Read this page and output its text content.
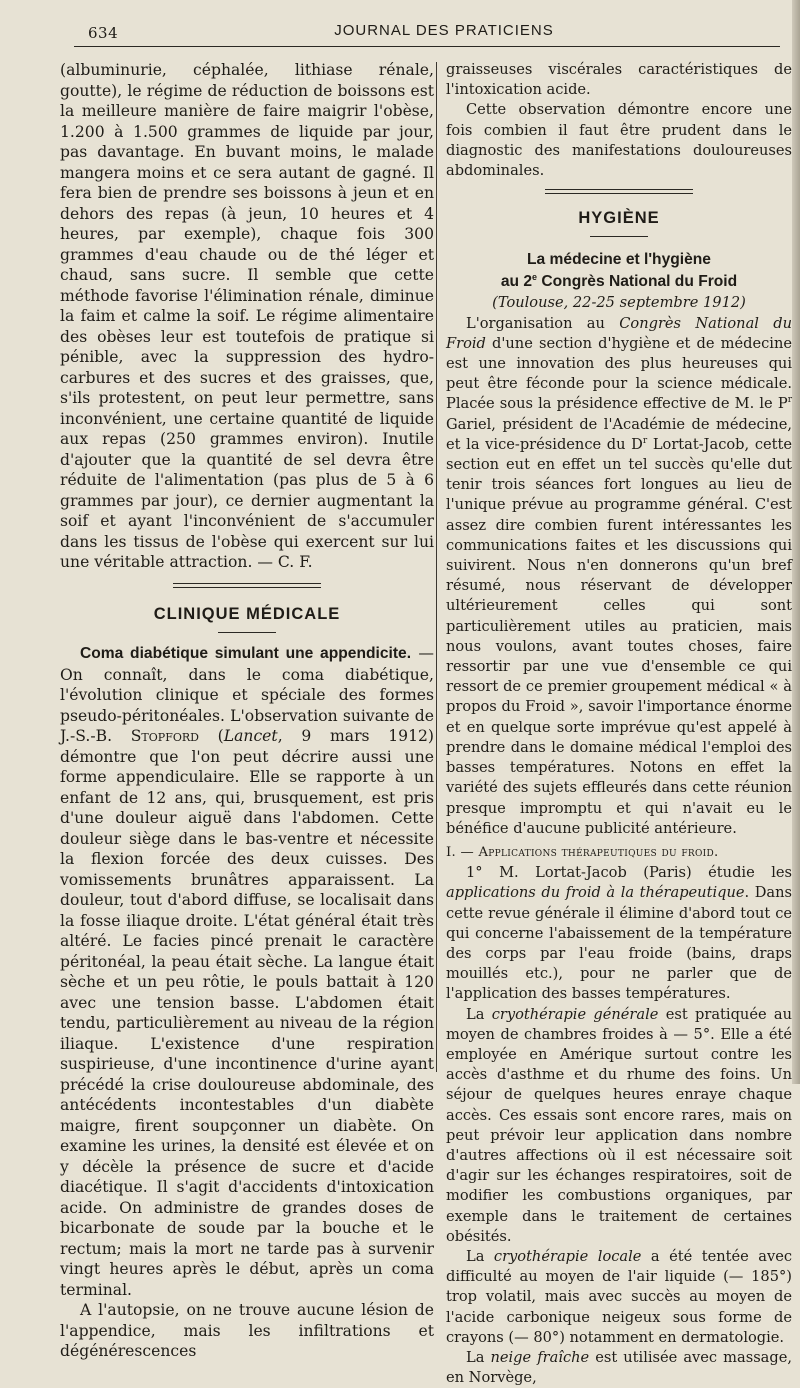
634	JOURNAL DES PRATICIENS

(albuminurie, céphalée, lithiase rénale, goutte), le régime de réduction de boissons est la meilleure manière de faire maigrir l'obèse, 1.200 à 1.500 grammes de liquide par jour, pas davantage. En buvant moins, le malade mangera moins et ce sera autant de gagné. Il fera bien de prendre ses boissons à jeun et en dehors des repas (à jeun, 10 heures et 4 heures, par exemple), chaque fois 300 grammes d'eau chaude ou de thé léger et chaud, sans sucre. Il semble que cette méthode favorise l'élimination rénale, diminue la faim et calme la soif. Le régime alimentaire des obèses leur est toutefois de pratique si pénible, avec la suppression des hydro-carbures et des sucres et des graisses, que, s'ils protestent, on peut leur permettre, sans inconvénient, une certaine quantité de liquide aux repas (250 grammes environ). Inutile d'ajouter que la quantité de sel devra être réduite de l'alimentation (pas plus de 5 à 6 grammes par jour), ce dernier augmentant la soif et ayant l'inconvénient de s'accumuler dans les tissus de l'obèse qui exercent sur lui une véritable attraction. — C. F.

CLINIQUE MÉDICALE

Coma diabétique simulant une appendicite. — On connaît, dans le coma diabétique, l'évolution clinique et spéciale des formes pseudo-péritonéales. L'observation suivante de J.-S.-B. Stopford (Lancet, 9 mars 1912) démontre que l'on peut décrire aussi une forme appendiculaire. Elle se rapporte à un enfant de 12 ans, qui, brusquement, est pris d'une douleur aiguë dans l'abdomen. Cette douleur siège dans le bas-ventre et nécessite la flexion forcée des deux cuisses. Des vomissements brunâtres apparaissent. La douleur, tout d'abord diffuse, se localisait dans la fosse iliaque droite. L'état général était très altéré. Le facies pincé prenait le caractère péritonéal, la peau était sèche. La langue était sèche et un peu rôtie, le pouls battait à 120 avec une tension basse. L'abdomen était tendu, particulièrement au niveau de la région iliaque. L'existence d'une respiration suspirieuse, d'une incontinence d'urine ayant précédé la crise douloureuse abdominale, des antécédents incontestables d'un diabète maigre, firent soupçonner un diabète. On examine les urines, la densité est élevée et on y décèle la présence de sucre et d'acide diacétique. Il s'agit d'accidents d'intoxication acide. On administre de grandes doses de bicarbonate de soude par la bouche et le rectum; mais la mort ne tarde pas à survenir vingt heures après le début, après un coma terminal.

A l'autopsie, on ne trouve aucune lésion de l'appendice, mais les infiltrations et dégénérescences

graisseuses viscérales caractéristiques de l'intoxication acide.

Cette observation démontre encore une fois combien il faut être prudent dans le diagnostic des manifestations douloureuses abdominales.

HYGIÈNE
La médecine et l'hygiène
au 2e Congrès National du Froid
(Toulouse, 22-25 septembre 1912)

L'organisation au Congrès National du Froid d'une section d'hygiène et de médecine est une innovation des plus heureuses qui peut être féconde pour la science médicale. Placée sous la présidence effective de M. le $P^r$ Gariel, président de l'Académie de médecine, et la vice-présidence du $D^r$ Lortat-Jacob, cette section eut en effet un tel succès qu'elle dut tenir trois séances fort longues au lieu de l'unique prévue au programme général. C'est assez dire combien furent intéressantes les communications faites et les discussions qui suivirent. Nous n'en donnerons qu'un bref résumé, nous réservant de développer ultérieurement celles qui sont particulièrement utiles au praticien, mais nous voulons, avant toutes choses, faire ressortir par une vue d'ensemble ce qui ressort de ce premier groupement médical « à propos du Froid », savoir l'importance énorme et en quelque sorte imprévue qu'est appelé à prendre dans le domaine médical l'emploi des basses températures. Notons en effet la variété des sujets effleurés dans cette réunion presque impromptu et qui n'avait eu le bénéfice d'aucune publicité antérieure.

I. — Applications thérapeutiques du froid.

1° M. Lortat-Jacob (Paris) étudie les applications du froid à la thérapeutique. Dans cette revue générale il élimine d'abord tout ce qui concerne l'abaissement de la température des corps par l'eau froide (bains, draps mouillés etc.), pour ne parler que de l'application des basses températures.

La cryothérapie générale est pratiquée au moyen de chambres froides à — 5°. Elle a été employée en Amérique surtout contre les accès d'asthme et du rhume des foins. Un séjour de quelques heures enraye chaque accès. Ces essais sont encore rares, mais on peut prévoir leur application dans nombre d'autres affections où il est nécessaire soit d'agir sur les échanges respiratoires, soit de modifier les combustions organiques, par exemple dans le traitement de certaines obésités.

La cryothérapie locale a été tentée avec difficulté au moyen de l'air liquide (— 185°) trop volatil, mais avec succès au moyen de l'acide carbonique neigeux sous forme de crayons (— 80°) notamment en dermatologie.

La neige fraîche est utilisée avec massage, en Norvège,
